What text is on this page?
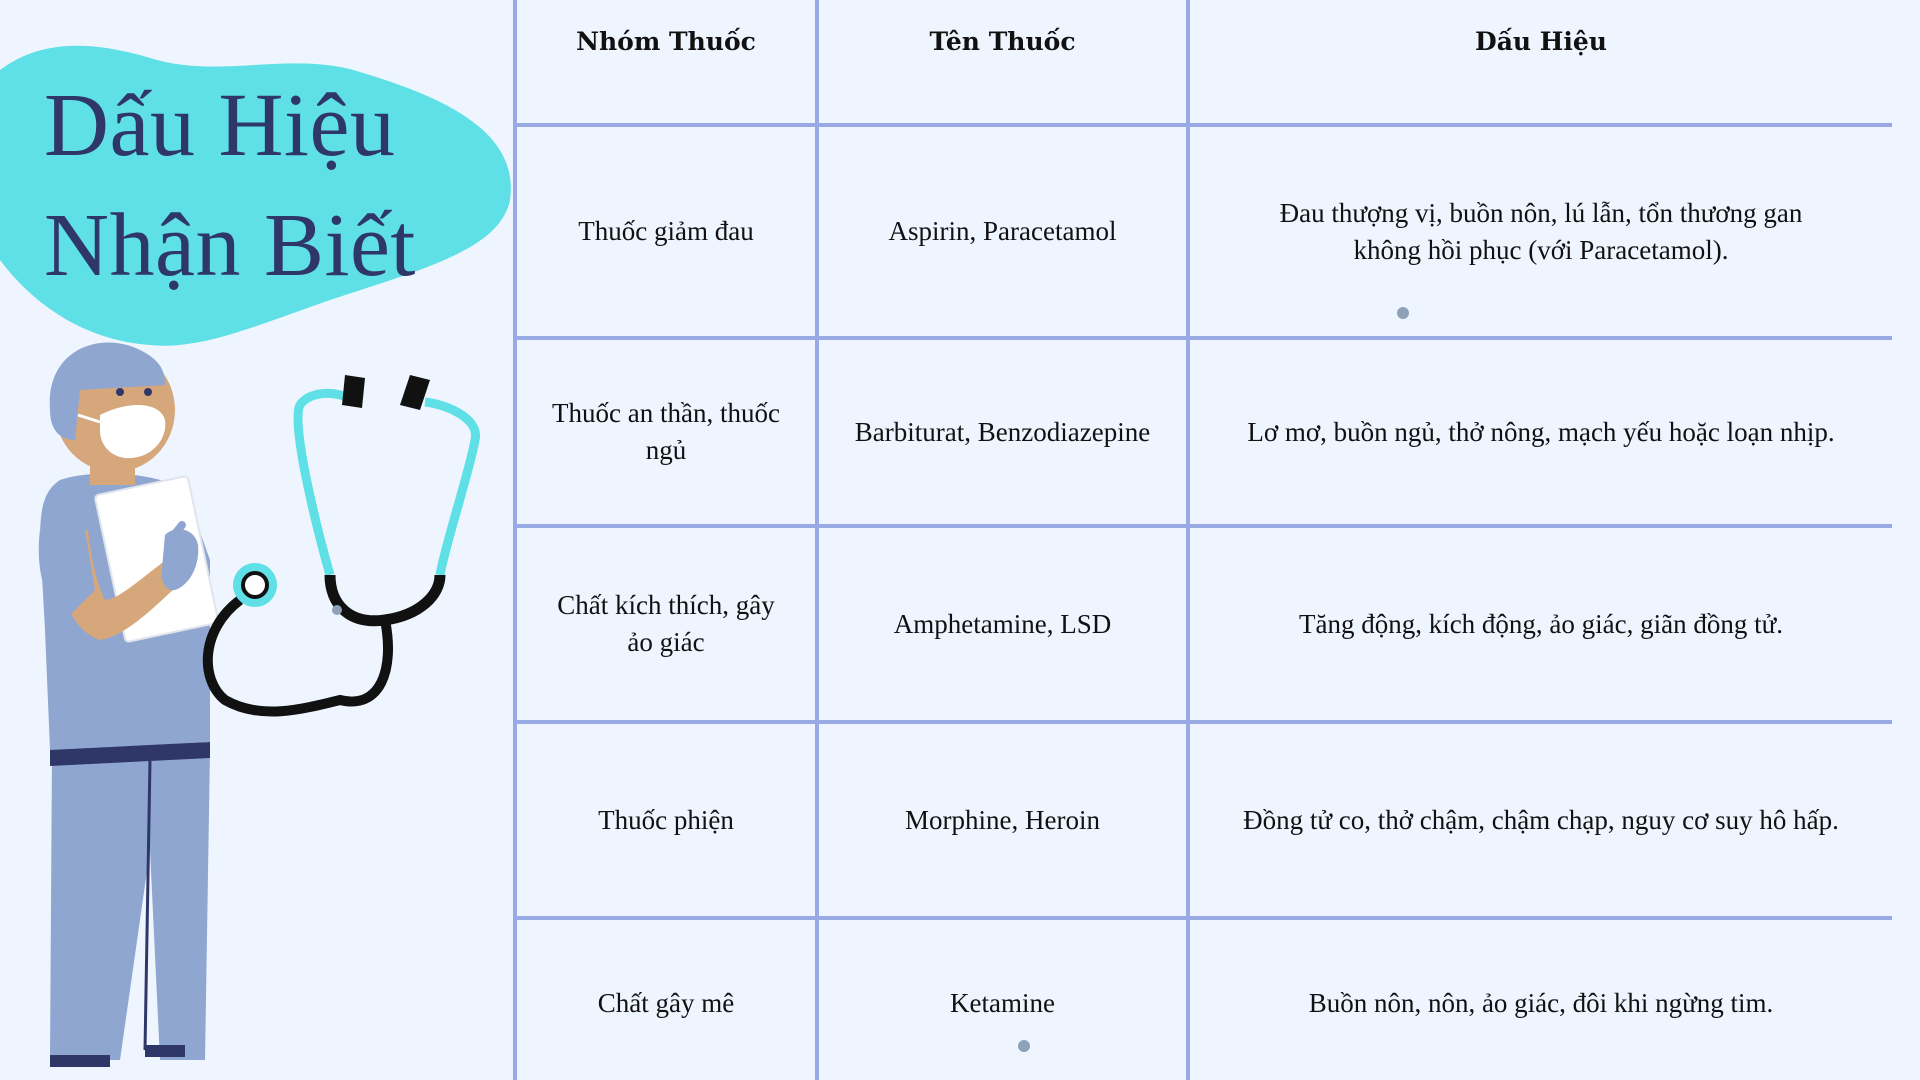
Dấu Hiệu
Nhận Biết
Nhóm Thuốc	Tên Thuốc	Dấu Hiệu
Thuốc giảm đau	Aspirin, Paracetamol	Đau thượng vị, buồn nôn, lú lẫn, tổn thương gan không hồi phục (với Paracetamol).
Thuốc an thần, thuốc ngủ	Barbiturat, Benzodiazepine	Lơ mơ, buồn ngủ, thở nông, mạch yếu hoặc loạn nhịp.
Chất kích thích, gây ảo giác	Amphetamine, LSD	Tăng động, kích động, ảo giác, giãn đồng tử.
Thuốc phiện	Morphine, Heroin	Đồng tử co, thở chậm, chậm chạp, nguy cơ suy hô hấp.
Chất gây mê	Ketamine	Buồn nôn, nôn, ảo giác, đôi khi ngừng tim.
